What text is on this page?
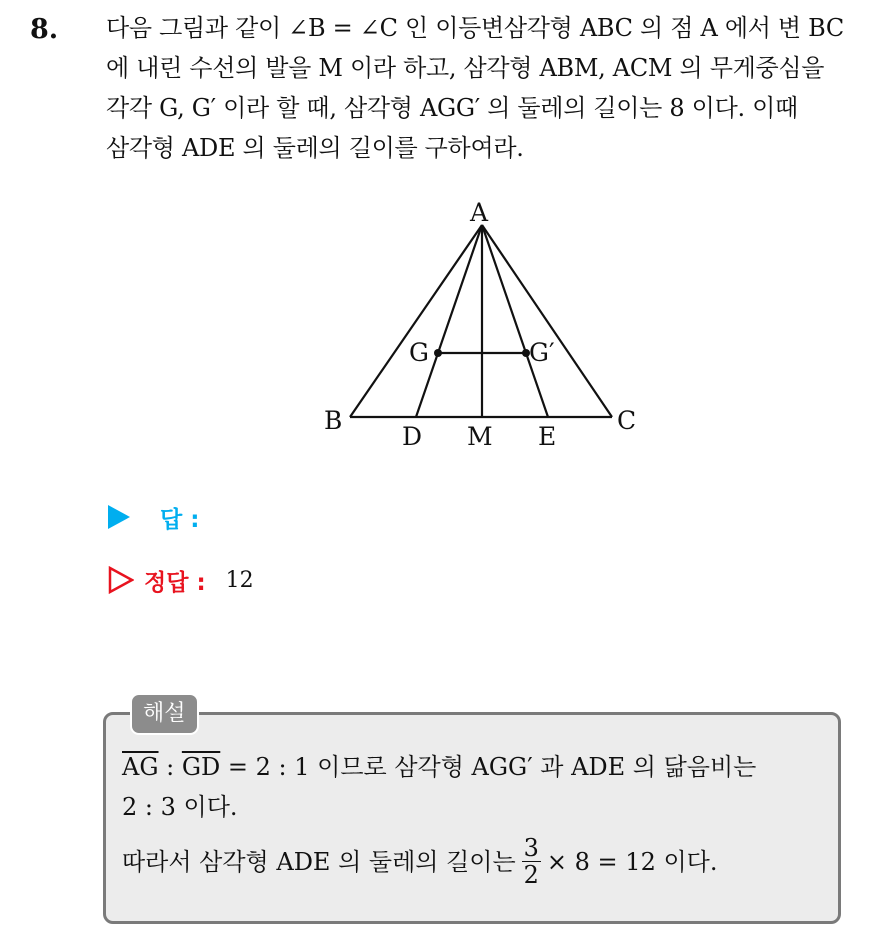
8. 다음 그림과 같이 ∠B = ∠C 인 이등변삼각형 ABC 의 점 A 에서 변 BC
에 내린 수선의 발을 M 이라 하고, 삼각형 ABM, ACM 의 무게중심을
각각 G, G′ 이라 할 때, 삼각형 AGG′ 의 둘레의 길이는 8 이다. 이때
삼각형 ADE 의 둘레의 길이를 구하여라.
A
B	C
D M E
G	G′
답 :
정답 : 12
해설
$\overline{AG}$ : $\overline{GD} = 2$ : 1 이므로 삼각형 AGG′ 과 ADE 의 닮음비는
2 : 3 이다.
따라서 삼각형 ADE 의 둘레의 길이는 $\frac{3}{2} \times 8 = 12$ 이다.
